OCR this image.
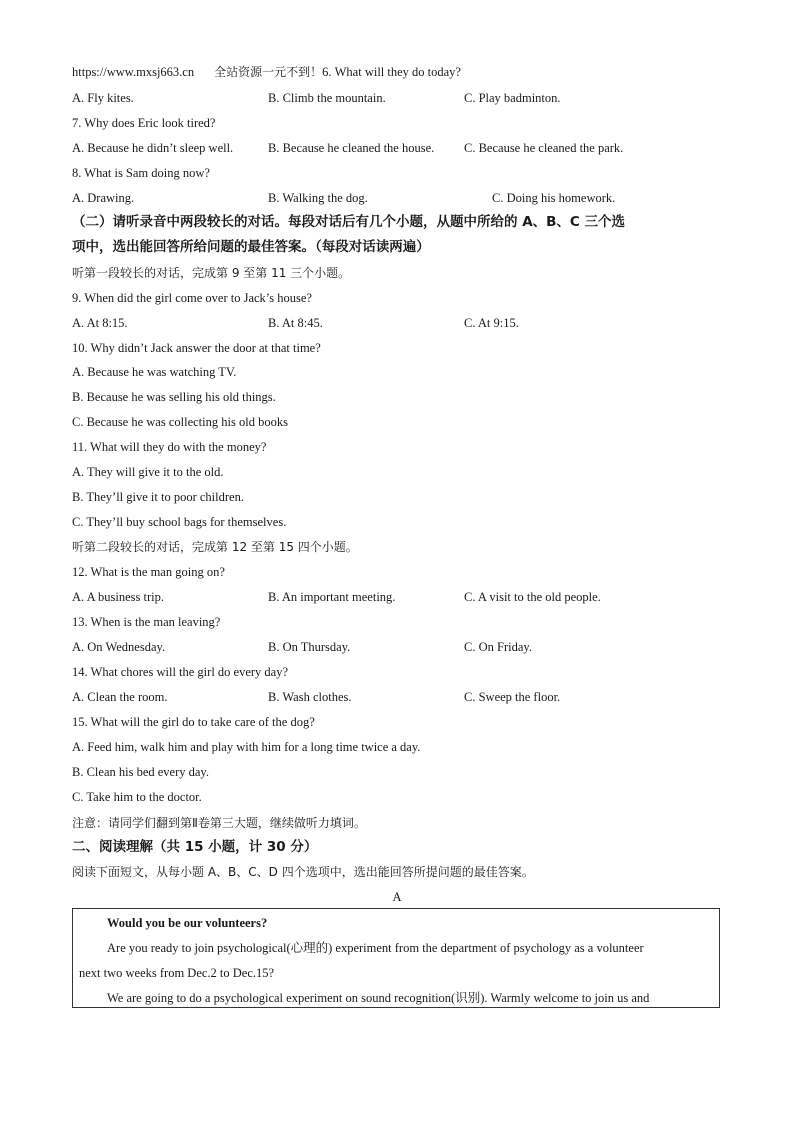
https://www.mxsj663.cn 全站资源一元不到！6. What will they do today?
A. Fly kites.	B. Climb the mountain.	C. Play badminton.
7. Why does Eric look tired?
A. Because he didn’t sleep well.	B. Because he cleaned the house. C. Because he cleaned the park.
8. What is Sam doing now?
A. Drawing.	B. Walking the dog.	C. Doing his homework.
（二）请听录音中两段较长的对话。每段对话后有几个小题，从题中所给的 A、B、C 三个选
项中，选出能回答所给问题的最佳答案。（每段对话读两遍）
听第一段较长的对话，完成第 9 至第 11 三个小题。
9. When did the girl come over to Jack’s house?
A. At 8:15.	B. At 8:45.	C. At 9:15.
10. Why didn’t Jack answer the door at that time?
A. Because he was watching TV.
B. Because he was selling his old things.
C. Because he was collecting his old books
11. What will they do with the money?
A. They will give it to the old.
B. They’ll give it to poor children.
C. They’ll buy school bags for themselves.
听第二段较长的对话，完成第 12 至第 15 四个小题。
12. What is the man going on?
A. A business trip.	B. An important meeting.	C. A visit to the old people.
13. When is the man leaving?
A. On Wednesday.	B. On Thursday.	C. On Friday.
14. What chores will the girl do every day?
A. Clean the room.	B. Wash clothes.	C. Sweep the floor.
15. What will the girl do to take care of the dog?
A. Feed him, walk him and play with him for a long time twice a day.
B. Clean his bed every day.
C. Take him to the doctor.
注意：请同学们翻到第Ⅱ卷第三大题，继续做听力填词。
二、阅读理解（共 15 小题，计 30 分）
阅读下面短文，从每小题 A、B、C、D 四个选项中，选出能回答所提问题的最佳答案。
A
Would you be our volunteers?
Are you ready to join psychological(心理的) experiment from the department of psychology as a volunteer
next two weeks from Dec.2 to Dec.15?
We are going to do a psychological experiment on sound recognition(识别). Warmly welcome to join us and
